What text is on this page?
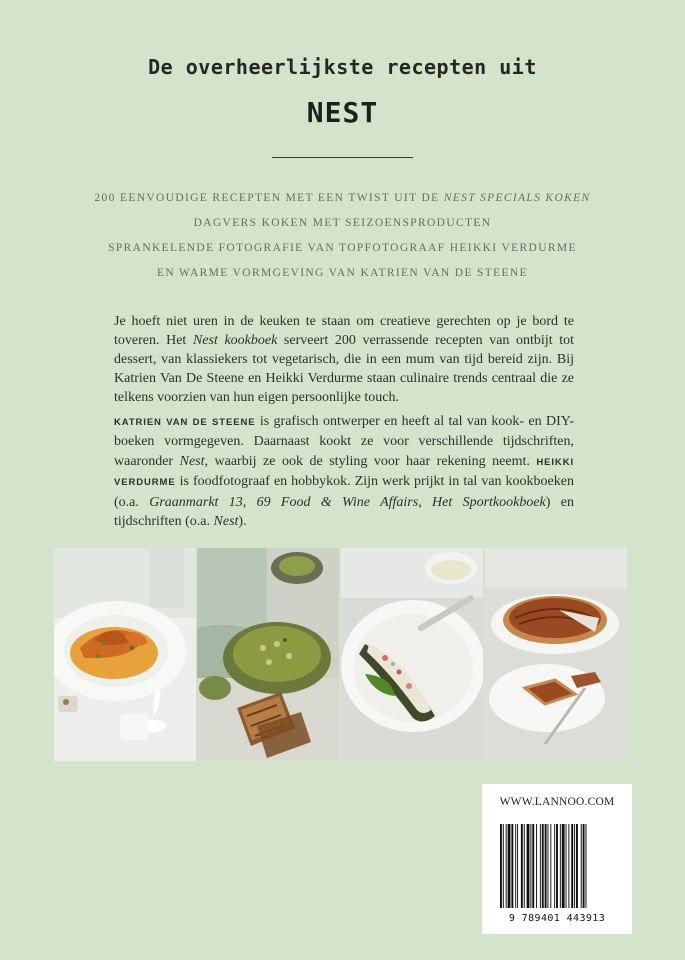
De overheerlijkste recepten uit
NEST
200 EENVOUDIGE RECEPTEN MET EEN TWIST UIT DE NEST SPECIALS KOKEN
DAGVERS KOKEN MET SEIZOENSPRODUCTEN
SPRANKELENDE FOTOGRAFIE VAN TOPFOTOGRAAF HEIKKI VERDURME
EN WARME VORMGEVING VAN KATRIEN VAN DE STEENE

Je hoeft niet uren in de keuken te staan om creatieve gerechten op je bord te toveren. Het Nest kookboek serveert 200 verrassende recepten van ontbijt tot dessert, van klassiekers tot vegetarisch, die in een mum van tijd bereid zijn. Bij Katrien Van De Steene en Heikki Verdurme staan culinaire trends centraal die ze telkens voorzien van hun eigen persoonlijke touch.

KATRIEN VAN DE STEENE is grafisch ontwerper en heeft al tal van kook- en DIY-boeken vormgegeven. Daarnaast kookt ze voor verschillende tijdschriften, waaronder Nest, waarbij ze ook de styling voor haar rekening neemt. HEIKKI VERDURME is foodfotograaf en hobbykok. Zijn werk prijkt in tal van kookboeken (o.a. Graanmarkt 13, 69 Food & Wine Affairs, Het Sportkookboek) en tijdschriften (o.a. Nest).

WWW.LANNOO.COM
9 789401 443913
